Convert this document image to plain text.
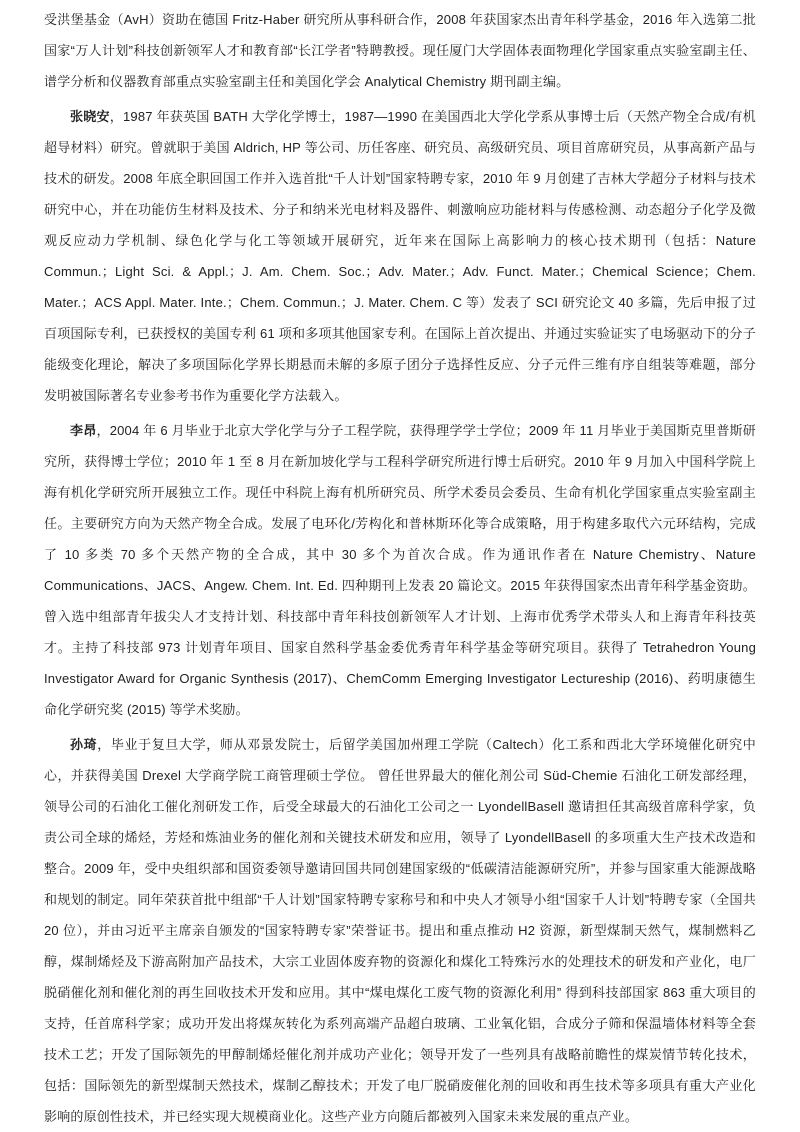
受洪堡基金（AvH）资助在德国 Fritz-Haber 研究所从事科研合作，2008 年获国家杰出青年科学基金，2016 年入选第二批国家“万人计划”科技创新领军人才和教育部“长江学者”特聘教授。现任厦门大学固体表面物理化学国家重点实验室副主任、谱学分析和仪器教育部重点实验室副主任和美国化学会 Analytical Chemistry 期刊副主编。

张晓安，1987 年获英国 BATH 大学化学博士，1987—1990 在美国西北大学化学系从事博士后（天然产物全合成/有机超导材料）研究。曾就职于美国 Aldrich, HP 等公司、历任客座、研究员、高级研究员、项目首席研究员，从事高新产品与技术的研发。2008 年底全职回国工作并入选首批“千人计划”国家特聘专家，2010 年 9 月创建了吉林大学超分子材料与技术研究中心，并在功能仿生材料及技术、分子和纳米光电材料及器件、刺激响应功能材料与传感检测、动态超分子化学及微观反应动力学机制、绿色化学与化工等领域开展研究，近年来在国际上高影响力的核心技术期刊（包括：Nature Commun.；Light Sci. & Appl.；J. Am. Chem. Soc.；Adv. Mater.；Adv. Funct. Mater.；Chemical Science；Chem. Mater.；ACS Appl. Mater. Inte.；Chem. Commun.；J. Mater. Chem. C 等）发表了 SCI 研究论文 40 多篇，先后申报了过百项国际专利，已获授权的美国专利 61 项和多项其他国家专利。在国际上首次提出、并通过实验证实了电场驱动下的分子能级变化理论，解决了多项国际化学界长期悬而未解的多原子团分子选择性反应、分子元件三维有序自组装等难题，部分发明被国际著名专业参考书作为重要化学方法载入。

李昂，2004 年 6 月毕业于北京大学化学与分子工程学院，获得理学学士学位；2009 年 11 月毕业于美国斯克里普斯研究所，获得博士学位；2010 年 1 至 8 月在新加坡化学与工程科学研究所进行博士后研究。2010 年 9 月加入中国科学院上海有机化学研究所开展独立工作。现任中科院上海有机所研究员、所学术委员会委员、生命有机化学国家重点实验室副主任。主要研究方向为天然产物全合成。发展了电环化/芳构化和普林斯环化等合成策略，用于构建多取代六元环结构，完成了 10 多类 70 多个天然产物的全合成，其中 30 多个为首次合成。作为通讯作者在 Nature Chemistry、Nature Communications、JACS、Angew. Chem. Int. Ed. 四种期刊上发表 20 篇论文。2015 年获得国家杰出青年科学基金资助。曾入选中组部青年拔尖人才支持计划、科技部中青年科技创新领军人才计划、上海市优秀学术带头人和上海青年科技英才。主持了科技部 973 计划青年项目、国家自然科学基金委优秀青年科学基金等研究项目。获得了 Tetrahedron Young Investigator Award for Organic Synthesis (2017)、ChemComm Emerging Investigator Lectureship (2016)、药明康德生命化学研究奖 (2015) 等学术奖励。

孙琦，毕业于复旦大学，师从邓景发院士，后留学美国加州理工学院（Caltech）化工系和西北大学环境催化研究中心，并获得美国 Drexel 大学商学院工商管理硕士学位。 曾任世界最大的催化剂公司 Süd-Chemie 石油化工研发部经理，领导公司的石油化工催化剂研发工作，后受全球最大的石油化工公司之一 LyondellBasell 邀请担任其高级首席科学家，负责公司全球的烯烃，芳烃和炼油业务的催化剂和关键技术研发和应用，领导了 LyondellBasell 的多项重大生产技术改造和整合。2009 年，受中央组织部和国资委领导邀请回国共同创建国家级的“低碳清洁能源研究所”，并参与国家重大能源战略和规划的制定。同年荣获首批中组部“千人计划”国家特聘专家称号和和中央人才领导小组“国家千人计划”特聘专家（全国共 20 位），并由习近平主席亲自颁发的“国家特聘专家”荣誉证书。提出和重点推动 H2 资源，新型煤制天然气，煤制燃料乙醇，煤制烯烃及下游高附加产品技术，大宗工业固体废弃物的资源化和煤化工特殊污水的处理技术的研发和产业化，电厂脱硝催化剂和催化剂的再生回收技术开发和应用。其中“煤电煤化工废气物的资源化利用” 得到科技部国家 863 重大项目的支持，任首席科学家；成功开发出将煤灰转化为系列高端产品超白玻璃、工业氧化铝，合成分子筛和保温墙体材料等全套技术工艺；开发了国际领先的甲醇制烯烃催化剂并成功产业化；领导开发了一些列具有战略前瞻性的煤炭情节转化技术，包括：国际领先的新型煤制天然技术，煤制乙醇技术；开发了电厂脱硝废催化剂的回收和再生技术等多项具有重大产业化影响的原创性技术，并已经实现大规模商业化。这些产业方向随后都被列入国家未来发展的重点产业。
